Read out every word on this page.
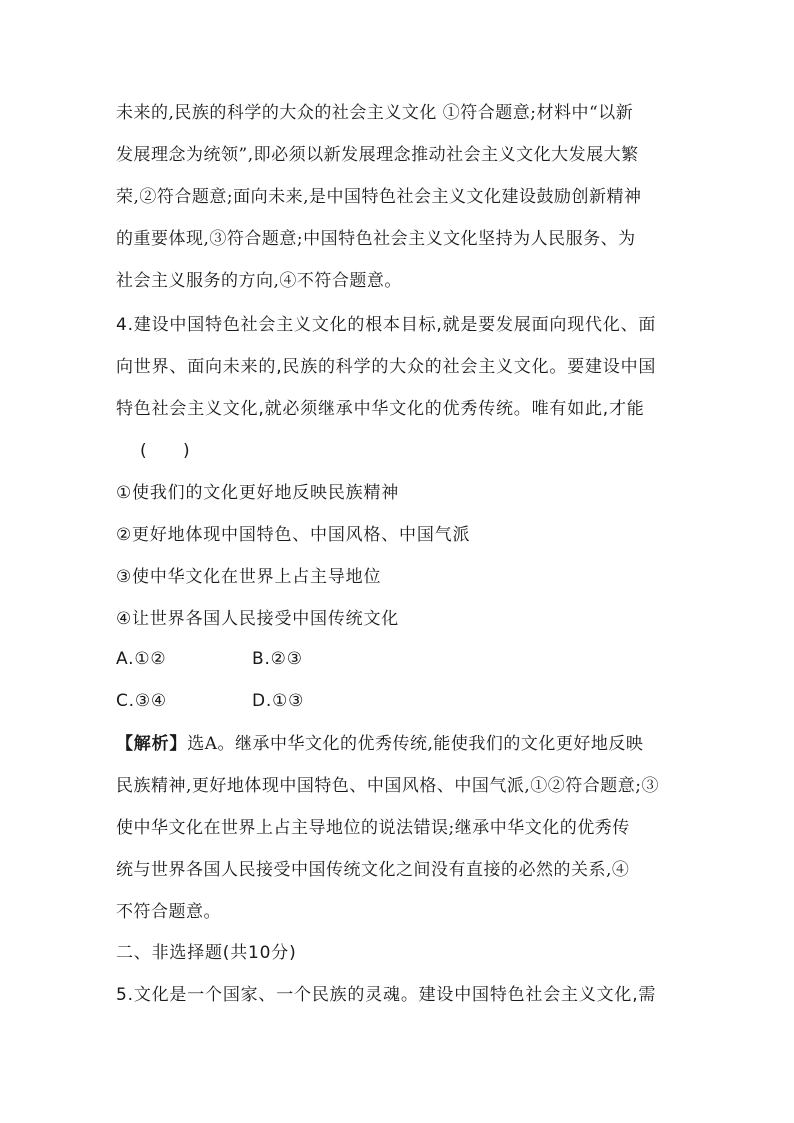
未来的,民族的科学的大众的社会主义文化 ①符合题意;材料中“以新
发展理念为统领”,即必须以新发展理念推动社会主义文化大发展大繁
荣,②符合题意;面向未来,是中国特色社会主义文化建设鼓励创新精神
的重要体现,③符合题意;中国特色社会主义文化坚持为人民服务、为
社会主义服务的方向,④不符合题意。
4.建设中国特色社会主义文化的根本目标,就是要发展面向现代化、面
向世界、面向未来的,民族的科学的大众的社会主义文化。要建设中国
特色社会主义文化,就必须继承中华文化的优秀传统。唯有如此,才能
(　　)
①使我们的文化更好地反映民族精神
②更好地体现中国特色、中国风格、中国气派
③使中华文化在世界上占主导地位
④让世界各国人民接受中国传统文化
A.①②	B.②③
C.③④	D.①③
【解析】选A。继承中华文化的优秀传统,能使我们的文化更好地反映
民族精神,更好地体现中国特色、中国风格、中国气派,①②符合题意;③
使中华文化在世界上占主导地位的说法错误;继承中华文化的优秀传
统与世界各国人民接受中国传统文化之间没有直接的必然的关系,④
不符合题意。
二、非选择题(共10分)
5.文化是一个国家、一个民族的灵魂。建设中国特色社会主义文化,需
